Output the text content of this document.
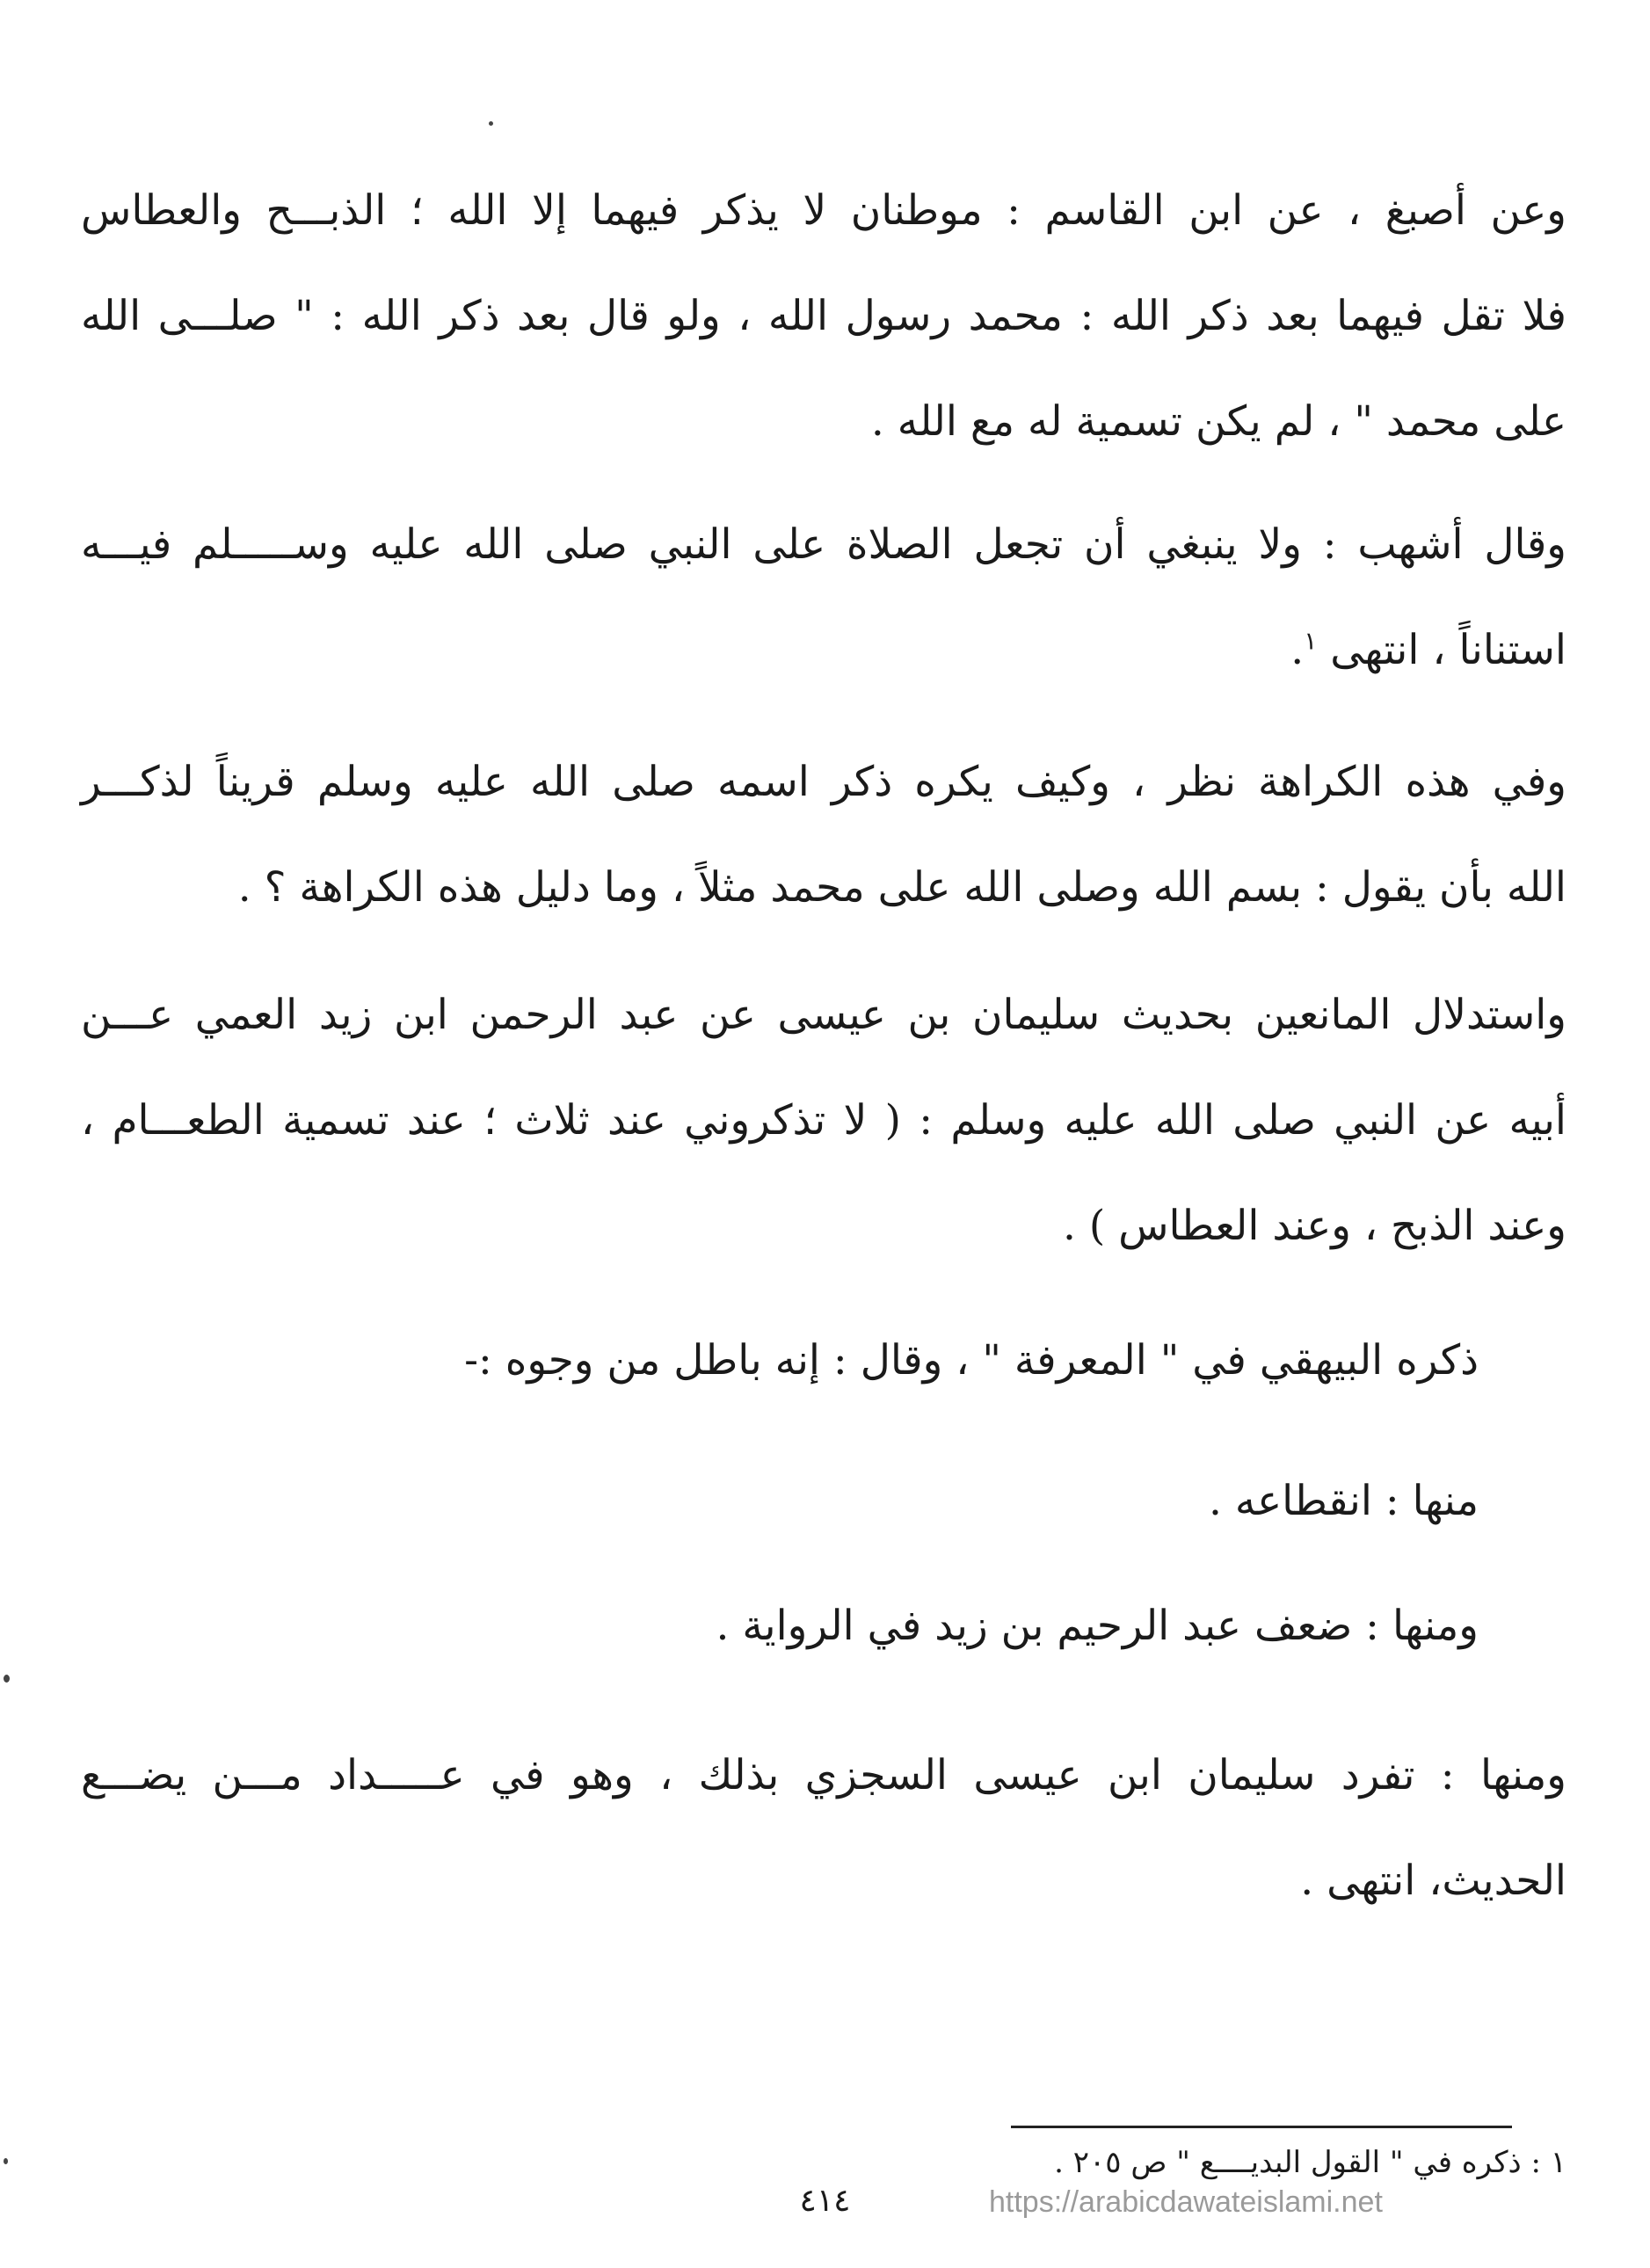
وعن أصبغ ، عن ابن القاسم : موطنان لا يذكر فيهما إلا الله ؛ الذبـــح والعطاس
فلا تقل فيهما بعد ذكر الله : محمد رسول الله ، ولو قال بعد ذكر الله : " صلـــى الله
على محمد " ، لم يكن تسمية له مع الله .
وقال أشهب : ولا ينبغي أن تجعل الصلاة على النبي صلى الله عليه وســـــلم فيـــه
استناناً ، انتهى $^١$.
وفي هذه الكراهة نظر ، وكيف يكره ذكر اسمه صلى الله عليه وسلم قريناً لذكـــر
الله بأن يقول : بسم الله وصلى الله على محمد مثلاً ، وما دليل هذه الكراهة ؟ .
واستدلال المانعين بحديث سليمان بن عيسى عن عبد الرحمن ابن زيد العمي عـــن
أبيه عن النبي صلى الله عليه وسلم : ( لا تذكروني عند ثلاث ؛ عند تسمية الطعـــام ،
وعند الذبح ، وعند العطاس ) .
ذكره البيهقي في " المعرفة " ، وقال : إنه باطل من وجوه :-
منها : انقطاعه .
ومنها : ضعف عبد الرحيم بن زيد في الرواية .
ومنها : تفرد سليمان ابن عيسى السجزي بذلك ، وهو في عـــــداد مـــن يضـــع
الحديث، انتهى .
١ : ذكره في " القول البديــــع " ص ٢٠٥ .
٤١٤	https://arabicdawateislami.net
